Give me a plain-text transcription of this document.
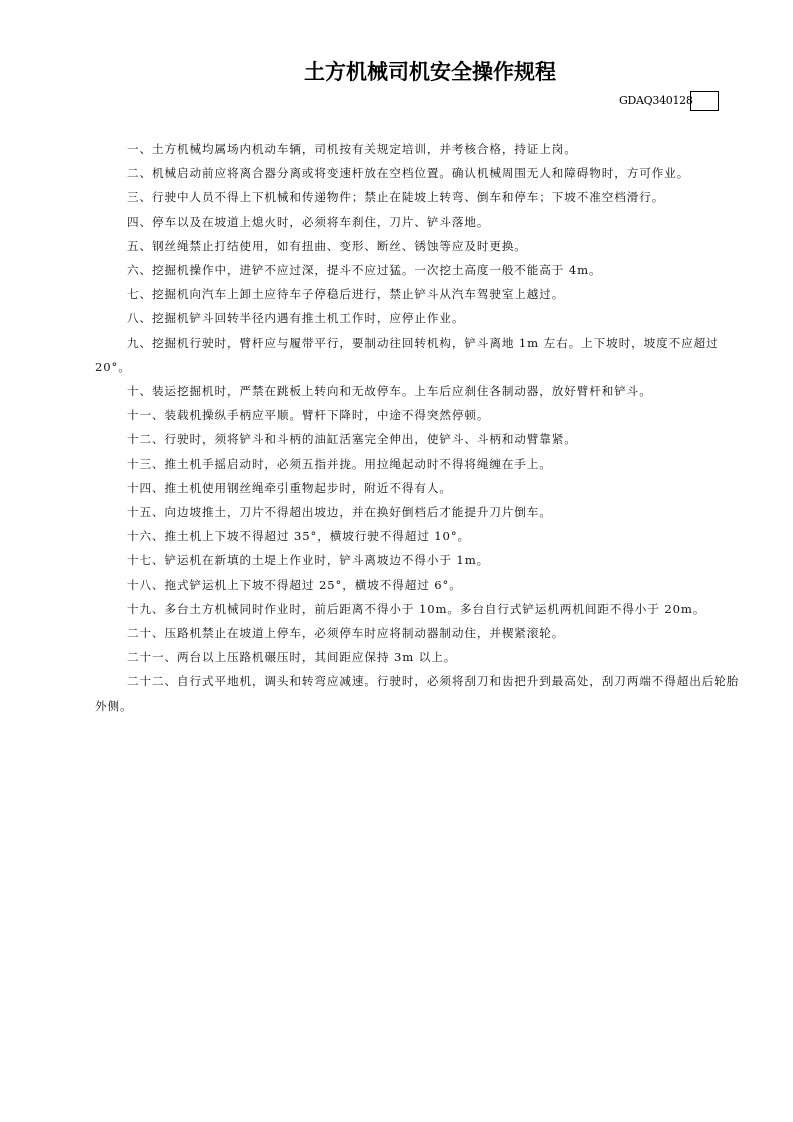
土方机械司机安全操作规程
GDAQ340128

一、土方机械均属场内机动车辆，司机按有关规定培训，并考核合格，持证上岗。

二、机械启动前应将离合器分离或将变速杆放在空档位置。确认机械周围无人和障碍物时，方可作业。

三、行驶中人员不得上下机械和传递物件；禁止在陡坡上转弯、倒车和停车；下坡不准空档滑行。

四、停车以及在坡道上熄火时，必须将车刹住，刀片、铲斗落地。

五、钢丝绳禁止打结使用，如有扭曲、变形、断丝、锈蚀等应及时更换。

六、挖掘机操作中，进铲不应过深，提斗不应过猛。一次挖土高度一般不能高于 4m。

七、挖掘机向汽车上卸土应待车子停稳后进行，禁止铲斗从汽车驾驶室上越过。

八、挖掘机铲斗回转半径内遇有推土机工作时，应停止作业。

九、挖掘机行驶时，臂杆应与履带平行，要制动往回转机构，铲斗离地 1m 左右。上下坡时，坡度不应超过 20°。

十、装运挖掘机时，严禁在跳板上转向和无故停车。上车后应刹住各制动器，放好臂杆和铲斗。

十一、装载机操纵手柄应平顺。臂杆下降时，中途不得突然停顿。

十二、行驶时，须将铲斗和斗柄的油缸活塞完全伸出，使铲斗、斗柄和动臂靠紧。

十三、推土机手摇启动时，必须五指并拢。用拉绳起动时不得将绳缠在手上。

十四、推土机使用钢丝绳牵引重物起步时，附近不得有人。

十五、向边坡推土，刀片不得超出坡边，并在换好倒档后才能提升刀片倒车。

十六、推土机上下坡不得超过 35°，横坡行驶不得超过 10°。

十七、铲运机在新填的土堤上作业时，铲斗离坡边不得小于 1m。

十八、拖式铲运机上下坡不得超过 25°，横坡不得超过 6°。

十九、多台土方机械同时作业时，前后距离不得小于 10m。多台自行式铲运机两机间距不得小于 20m。

二十、压路机禁止在坡道上停车，必须停车时应将制动器制动住，并楔紧滚轮。

二十一、两台以上压路机碾压时，其间距应保持 3m 以上。

二十二、自行式平地机，调头和转弯应减速。行驶时，必须将刮刀和齿把升到最高处，刮刀两端不得超出后轮胎外侧。
